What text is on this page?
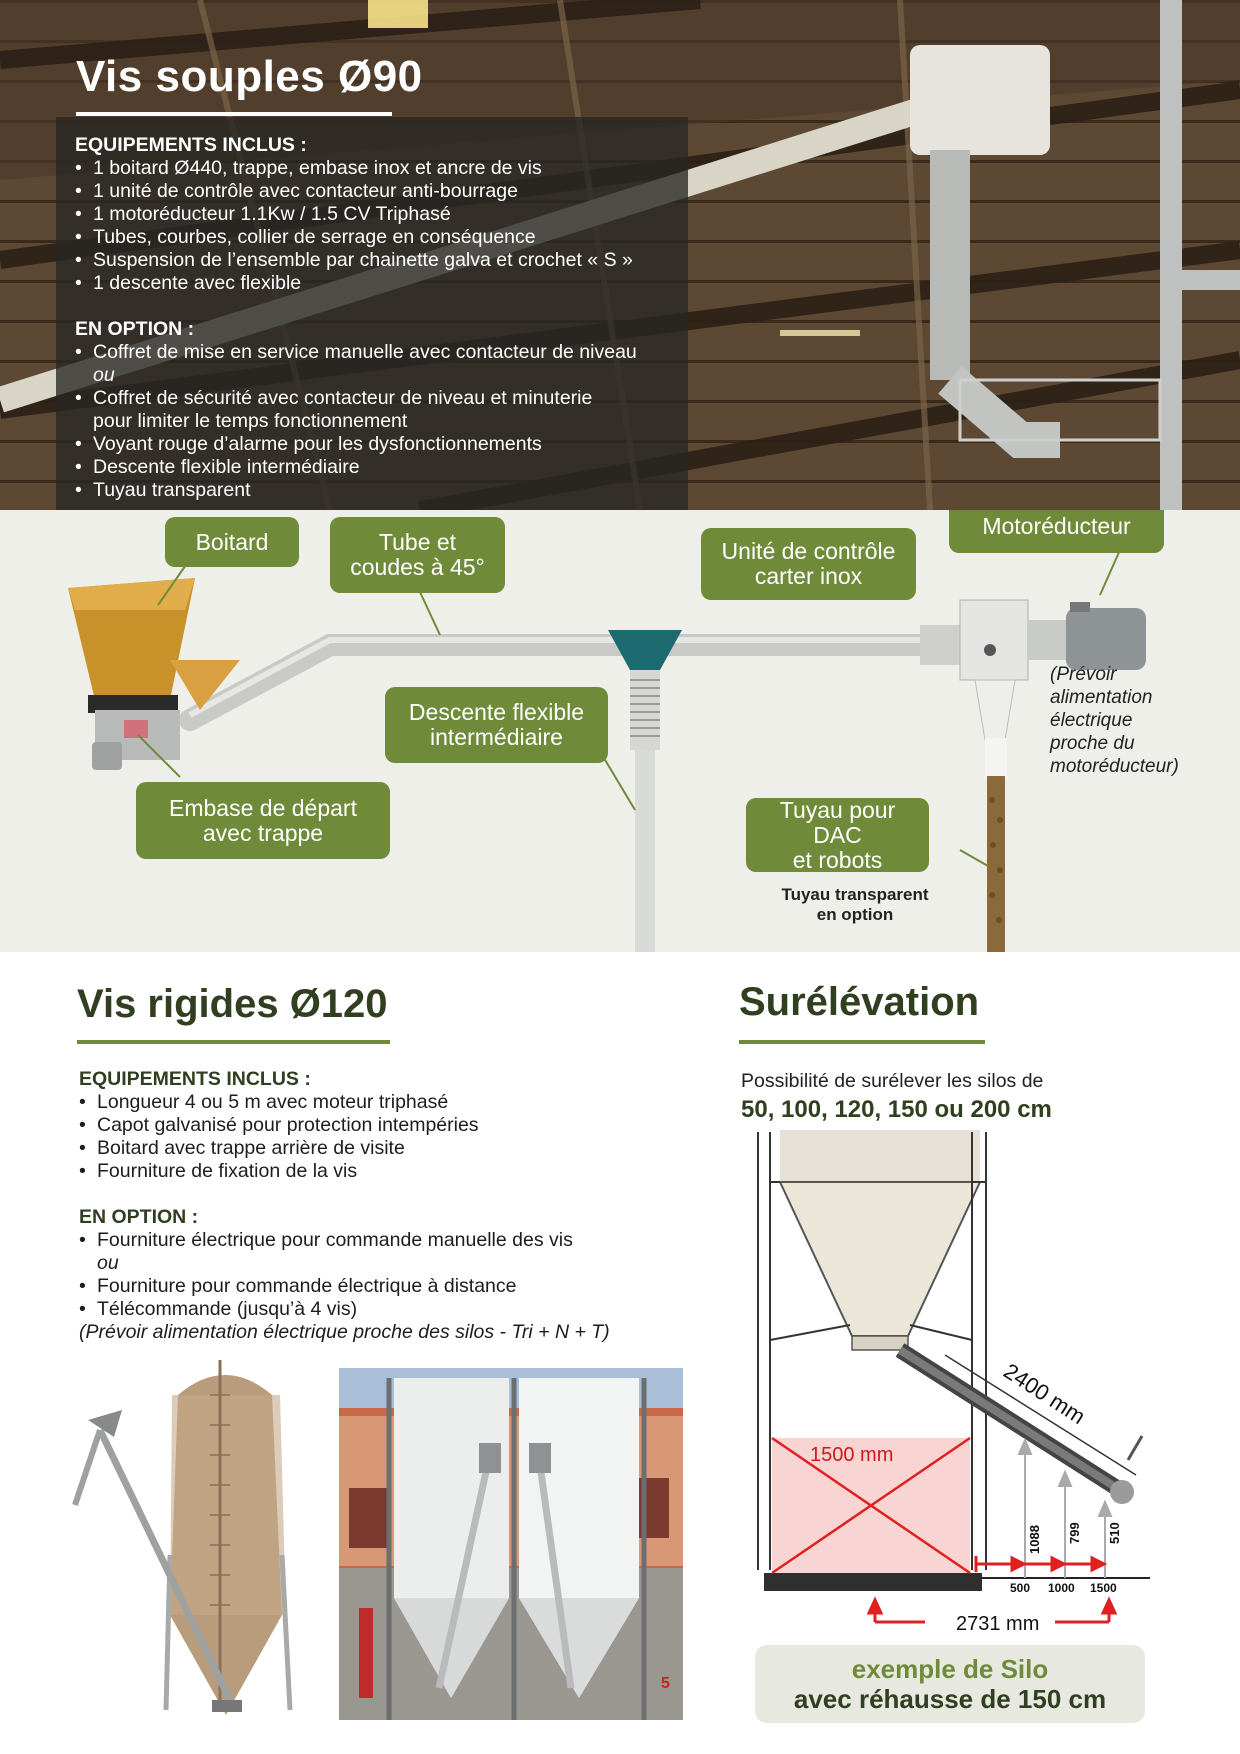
Vis souples Ø90
EQUIPEMENTS INCLUS :
• 1 boitard Ø440, trappe, embase inox et ancre de vis
• 1 unité de contrôle avec contacteur anti-bourrage
• 1 motoréducteur 1.1Kw / 1.5 CV Triphasé
• Tubes, courbes, collier de serrage en conséquence
• Suspension de l’ensemble par chainette galva et crochet « S »
• 1 descente avec flexible
EN OPTION :
• Coffret de mise en service manuelle avec contacteur de niveau
ou
• Coffret de sécurité avec contacteur de niveau et minuterie
pour limiter le temps fonctionnement
• Voyant rouge d’alarme pour les dysfonctionnements
• Descente flexible intermédiaire
• Tuyau transparent
Boitard	Tube et
coudes à 45°
Unité de contrôle
carter inox
Motoréducteur
Descente flexible
intermédiaire
Embase de départ
avec trappe
Tuyau pour DAC
et robots
(Prévoir
alimentation
électrique
proche du
motoréducteur)
Tuyau transparent
en option
Vis rigides Ø120
EQUIPEMENTS INCLUS :
• Longueur 4 ou 5 m avec moteur triphasé
• Capot galvanisé pour protection intempéries
• Boitard avec trappe arrière de visite
• Fourniture de fixation de la vis
EN OPTION :
• Fourniture électrique pour commande manuelle des vis
ou
• Fourniture pour commande électrique à distance
• Télécommande (jusqu’à 4 vis)
(Prévoir alimentation électrique proche des silos - Tri + N + T)
5
Surélévation
Possibilité de surélever les silos de
50, 100, 120, 150 ou 200 cm
1500 mm
2400 mm
1088 799 510
500 1000 1500
2731 mm
exemple de Silo
avec réhausse de 150 cm
